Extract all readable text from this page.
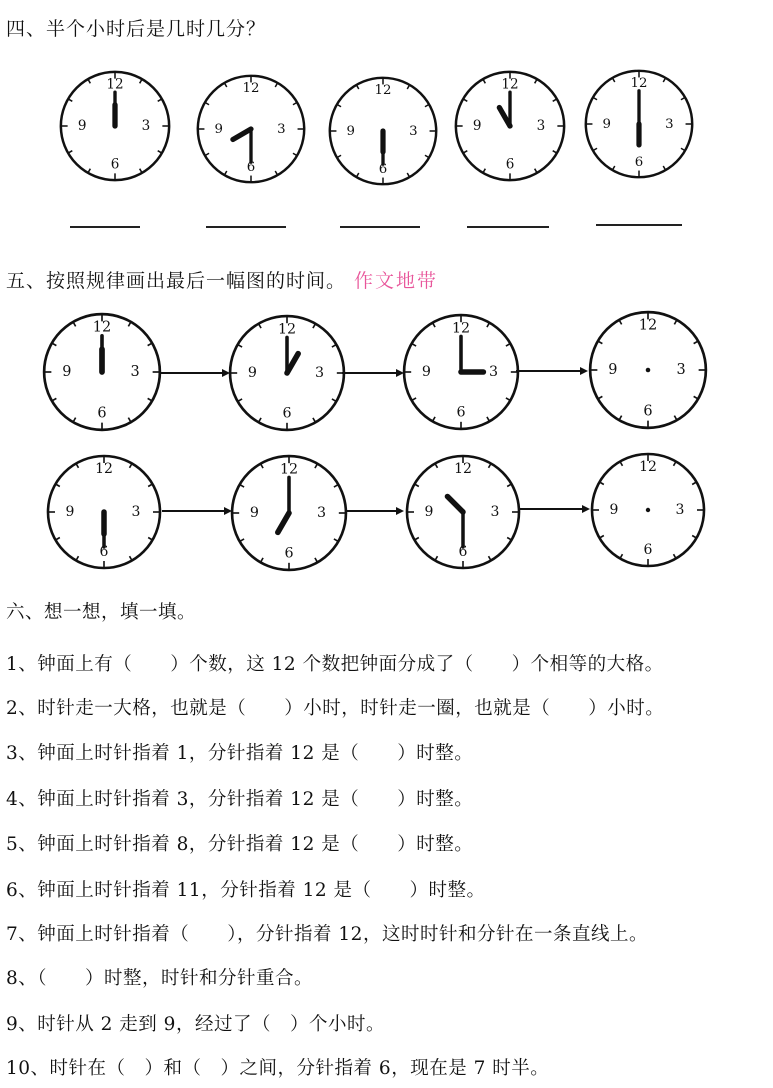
四、半个小时后是几时几分？
12
3
6
9
12
3
6
9
12
3
6
9
12
3
6
9
12
3
6
9
五、按照规律画出最后一幅图的时间。 作文地带
12
3
6
9
12
3
6
9
12
3
6
9
12
3
6
9
12
3
6
9
12
3
6
9
12
3
6
9
12
3
6
9
六、想一想，填一填。
1、钟面上有（　　）个数，这 12 个数把钟面分成了（　　）个相等的大格。
2、时针走一大格，也就是（　　）小时，时针走一圈，也就是（　　）小时。
3、钟面上时针指着 1，分针指着 12 是（　　）时整。
4、钟面上时针指着 3，分针指着 12 是（　　）时整。
5、钟面上时针指着 8，分针指着 12 是（　　）时整。
6、钟面上时针指着 11，分针指着 12 是（　　）时整。
7、钟面上时针指着（　　），分针指着 12，这时时针和分针在一条直线上。
8、（　　）时整，时针和分针重合。
9、时针从 2 走到 9，经过了（　）个小时。
10、时针在（　）和（　）之间，分针指着 6，现在是 7 时半。
